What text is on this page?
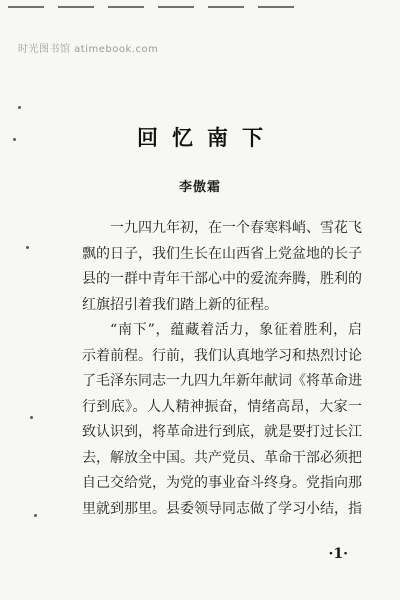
时光图书馆 atimebook.com
回忆南下
李傲霜

一九四九年初，在一个春寒料峭、雪花飞飘的日子，我们生长在山西省上党盆地的长子县的一群中青年干部心中的爱流奔腾，胜利的红旗招引着我们踏上新的征程。

“南下”，蕴藏着活力，象征着胜利，启示着前程。行前，我们认真地学习和热烈讨论了毛泽东同志一九四九年新年献词《将革命进行到底》。人人精神振奋，情绪高昂，大家一致认识到，将革命进行到底，就是要打过长江去，解放全中国。共产党员、革命干部必须把自己交给党，为党的事业奋斗终身。党指向那里就到那里。县委领导同志做了学习小结，指

·1·
